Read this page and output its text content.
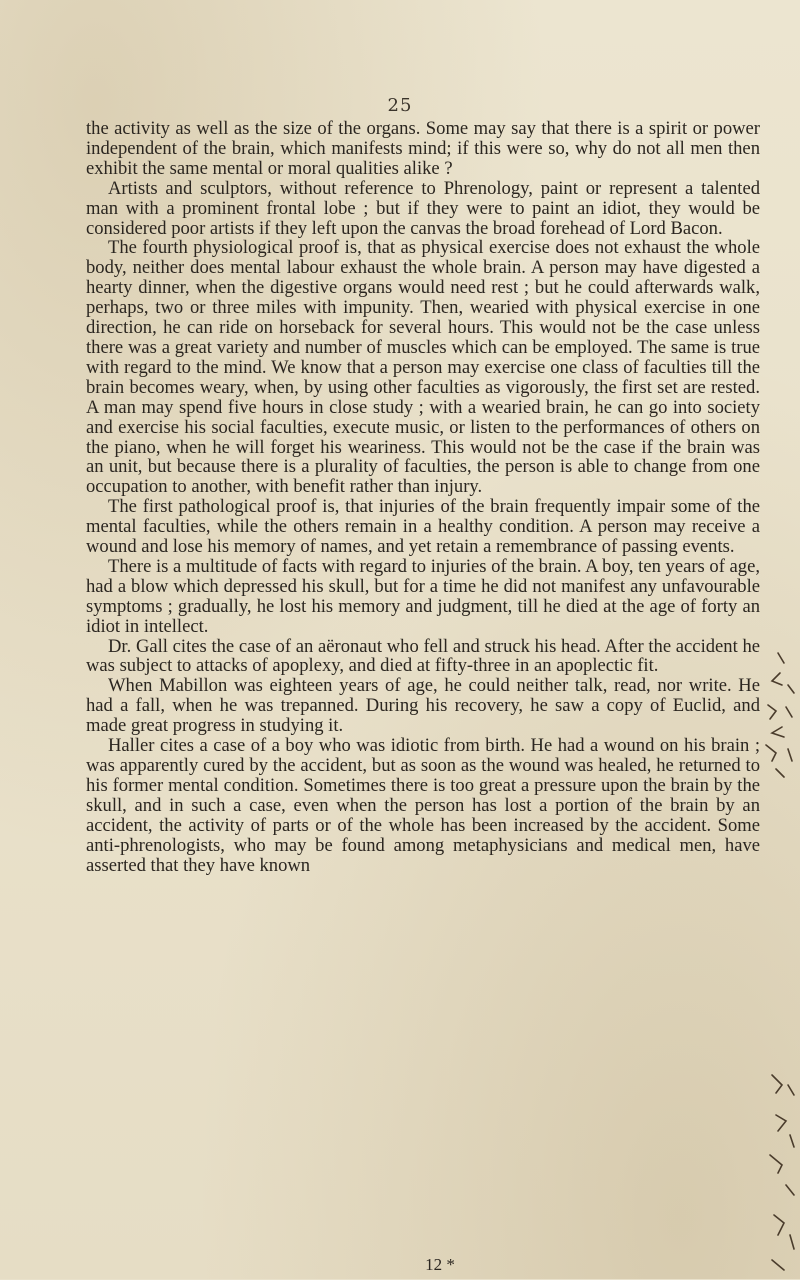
25

the activity as well as the size of the organs. Some may say that there is a spirit or power independent of the brain, which manifests mind; if this were so, why do not all men then exhibit the same mental or moral qualities alike ?

Artists and sculptors, without reference to Phrenology, paint or represent a talented man with a prominent frontal lobe ; but if they were to paint an idiot, they would be considered poor artists if they left upon the canvas the broad forehead of Lord Bacon.

The fourth physiological proof is, that as physical exercise does not exhaust the whole body, neither does mental labour exhaust the whole brain. A person may have digested a hearty dinner, when the digestive organs would need rest ; but he could afterwards walk, perhaps, two or three miles with impunity. Then, wearied with physical exercise in one direction, he can ride on horseback for several hours. This would not be the case unless there was a great variety and number of muscles which can be employed. The same is true with regard to the mind. We know that a person may exercise one class of faculties till the brain becomes weary, when, by using other faculties as vigorously, the first set are rested. A man may spend five hours in close study ; with a wearied brain, he can go into society and exercise his social faculties, execute music, or listen to the performances of others on the piano, when he will forget his weariness. This would not be the case if the brain was an unit, but because there is a plurality of faculties, the person is able to change from one occupation to another, with benefit rather than injury.

The first pathological proof is, that injuries of the brain frequently impair some of the mental faculties, while the others remain in a healthy condition. A person may receive a wound and lose his memory of names, and yet retain a remembrance of passing events.

There is a multitude of facts with regard to injuries of the brain. A boy, ten years of age, had a blow which depressed his skull, but for a time he did not manifest any unfavourable symptoms ; gradually, he lost his memory and judgment, till he died at the age of forty an idiot in intellect.

Dr. Gall cites the case of an aëronaut who fell and struck his head. After the accident he was subject to attacks of apoplexy, and died at fifty-three in an apoplectic fit.

When Mabillon was eighteen years of age, he could neither talk, read, nor write. He had a fall, when he was trepanned. During his recovery, he saw a copy of Euclid, and made great progress in studying it.

Haller cites a case of a boy who was idiotic from birth. He had a wound on his brain ; was apparently cured by the accident, but as soon as the wound was healed, he returned to his former mental condition. Sometimes there is too great a pressure upon the brain by the skull, and in such a case, even when the person has lost a portion of the brain by an accident, the activity of parts or of the whole has been increased by the accident. Some anti-phrenologists, who may be found among metaphysicians and medical men, have asserted that they have known

12 *
